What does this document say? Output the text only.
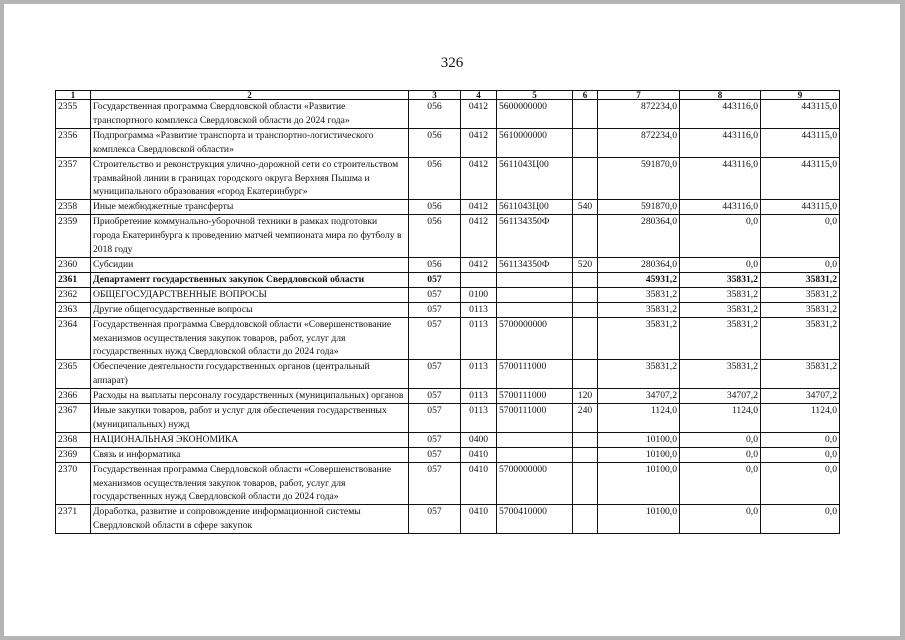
326
1	2	3	4	5	6	7	8	9
2355	Государственная программа Свердловской области «Развитие транспортного комплекса Свердловской области до 2024 года»	056	0412	5600000000		872234,0	443116,0	443115,0
2356	Подпрограмма «Развитие транспорта и транспортно-логистического комплекса Свердловской области»	056	0412	5610000000		872234,0	443116,0	443115,0
2357	Строительство и реконструкция улично-дорожной сети со строительством трамвайной линии в границах городского округа Верхняя Пышма и муниципального образования «город Екатеринбург»	056	0412	5611043Ц00		591870,0	443116,0	443115,0
2358	Иные межбюджетные трансферты	056	0412	5611043Ц00	540	591870,0	443116,0	443115,0
2359	Приобретение коммунально-уборочной техники в рамках подготовки города Екатеринбурга к проведению матчей чемпионата мира по футболу в 2018 году	056	0412	561134350Ф		280364,0	0,0	0,0
2360	Субсидии	056	0412	561134350Ф	520	280364,0	0,0	0,0
2361	Департамент государственных закупок Свердловской области	057				45931,2	35831,2	35831,2
2362	ОБЩЕГОСУДАРСТВЕННЫЕ ВОПРОСЫ	057	0100			35831,2	35831,2	35831,2
2363	Другие общегосударственные вопросы	057	0113			35831,2	35831,2	35831,2
2364	Государственная программа Свердловской области «Совершенствование механизмов осуществления закупок товаров, работ, услуг для государственных нужд Свердловской области до 2024 года»	057	0113	5700000000		35831,2	35831,2	35831,2
2365	Обеспечение деятельности государственных органов (центральный аппарат)	057	0113	5700111000		35831,2	35831,2	35831,2
2366	Расходы на выплаты персоналу государственных (муниципальных) органов	057	0113	5700111000	120	34707,2	34707,2	34707,2
2367	Иные закупки товаров, работ и услуг для обеспечения государственных (муниципальных) нужд	057	0113	5700111000	240	1124,0	1124,0	1124,0
2368	НАЦИОНАЛЬНАЯ ЭКОНОМИКА	057	0400			10100,0	0,0	0,0
2369	Связь и информатика	057	0410			10100,0	0,0	0,0
2370	Государственная программа Свердловской области «Совершенствование механизмов осуществления закупок товаров, работ, услуг для государственных нужд Свердловской области до 2024 года»	057	0410	5700000000		10100,0	0,0	0,0
2371	Доработка, развитие и сопровождение информационной системы Свердловской области в сфере закупок	057	0410	5700410000		10100,0	0,0	0,0
